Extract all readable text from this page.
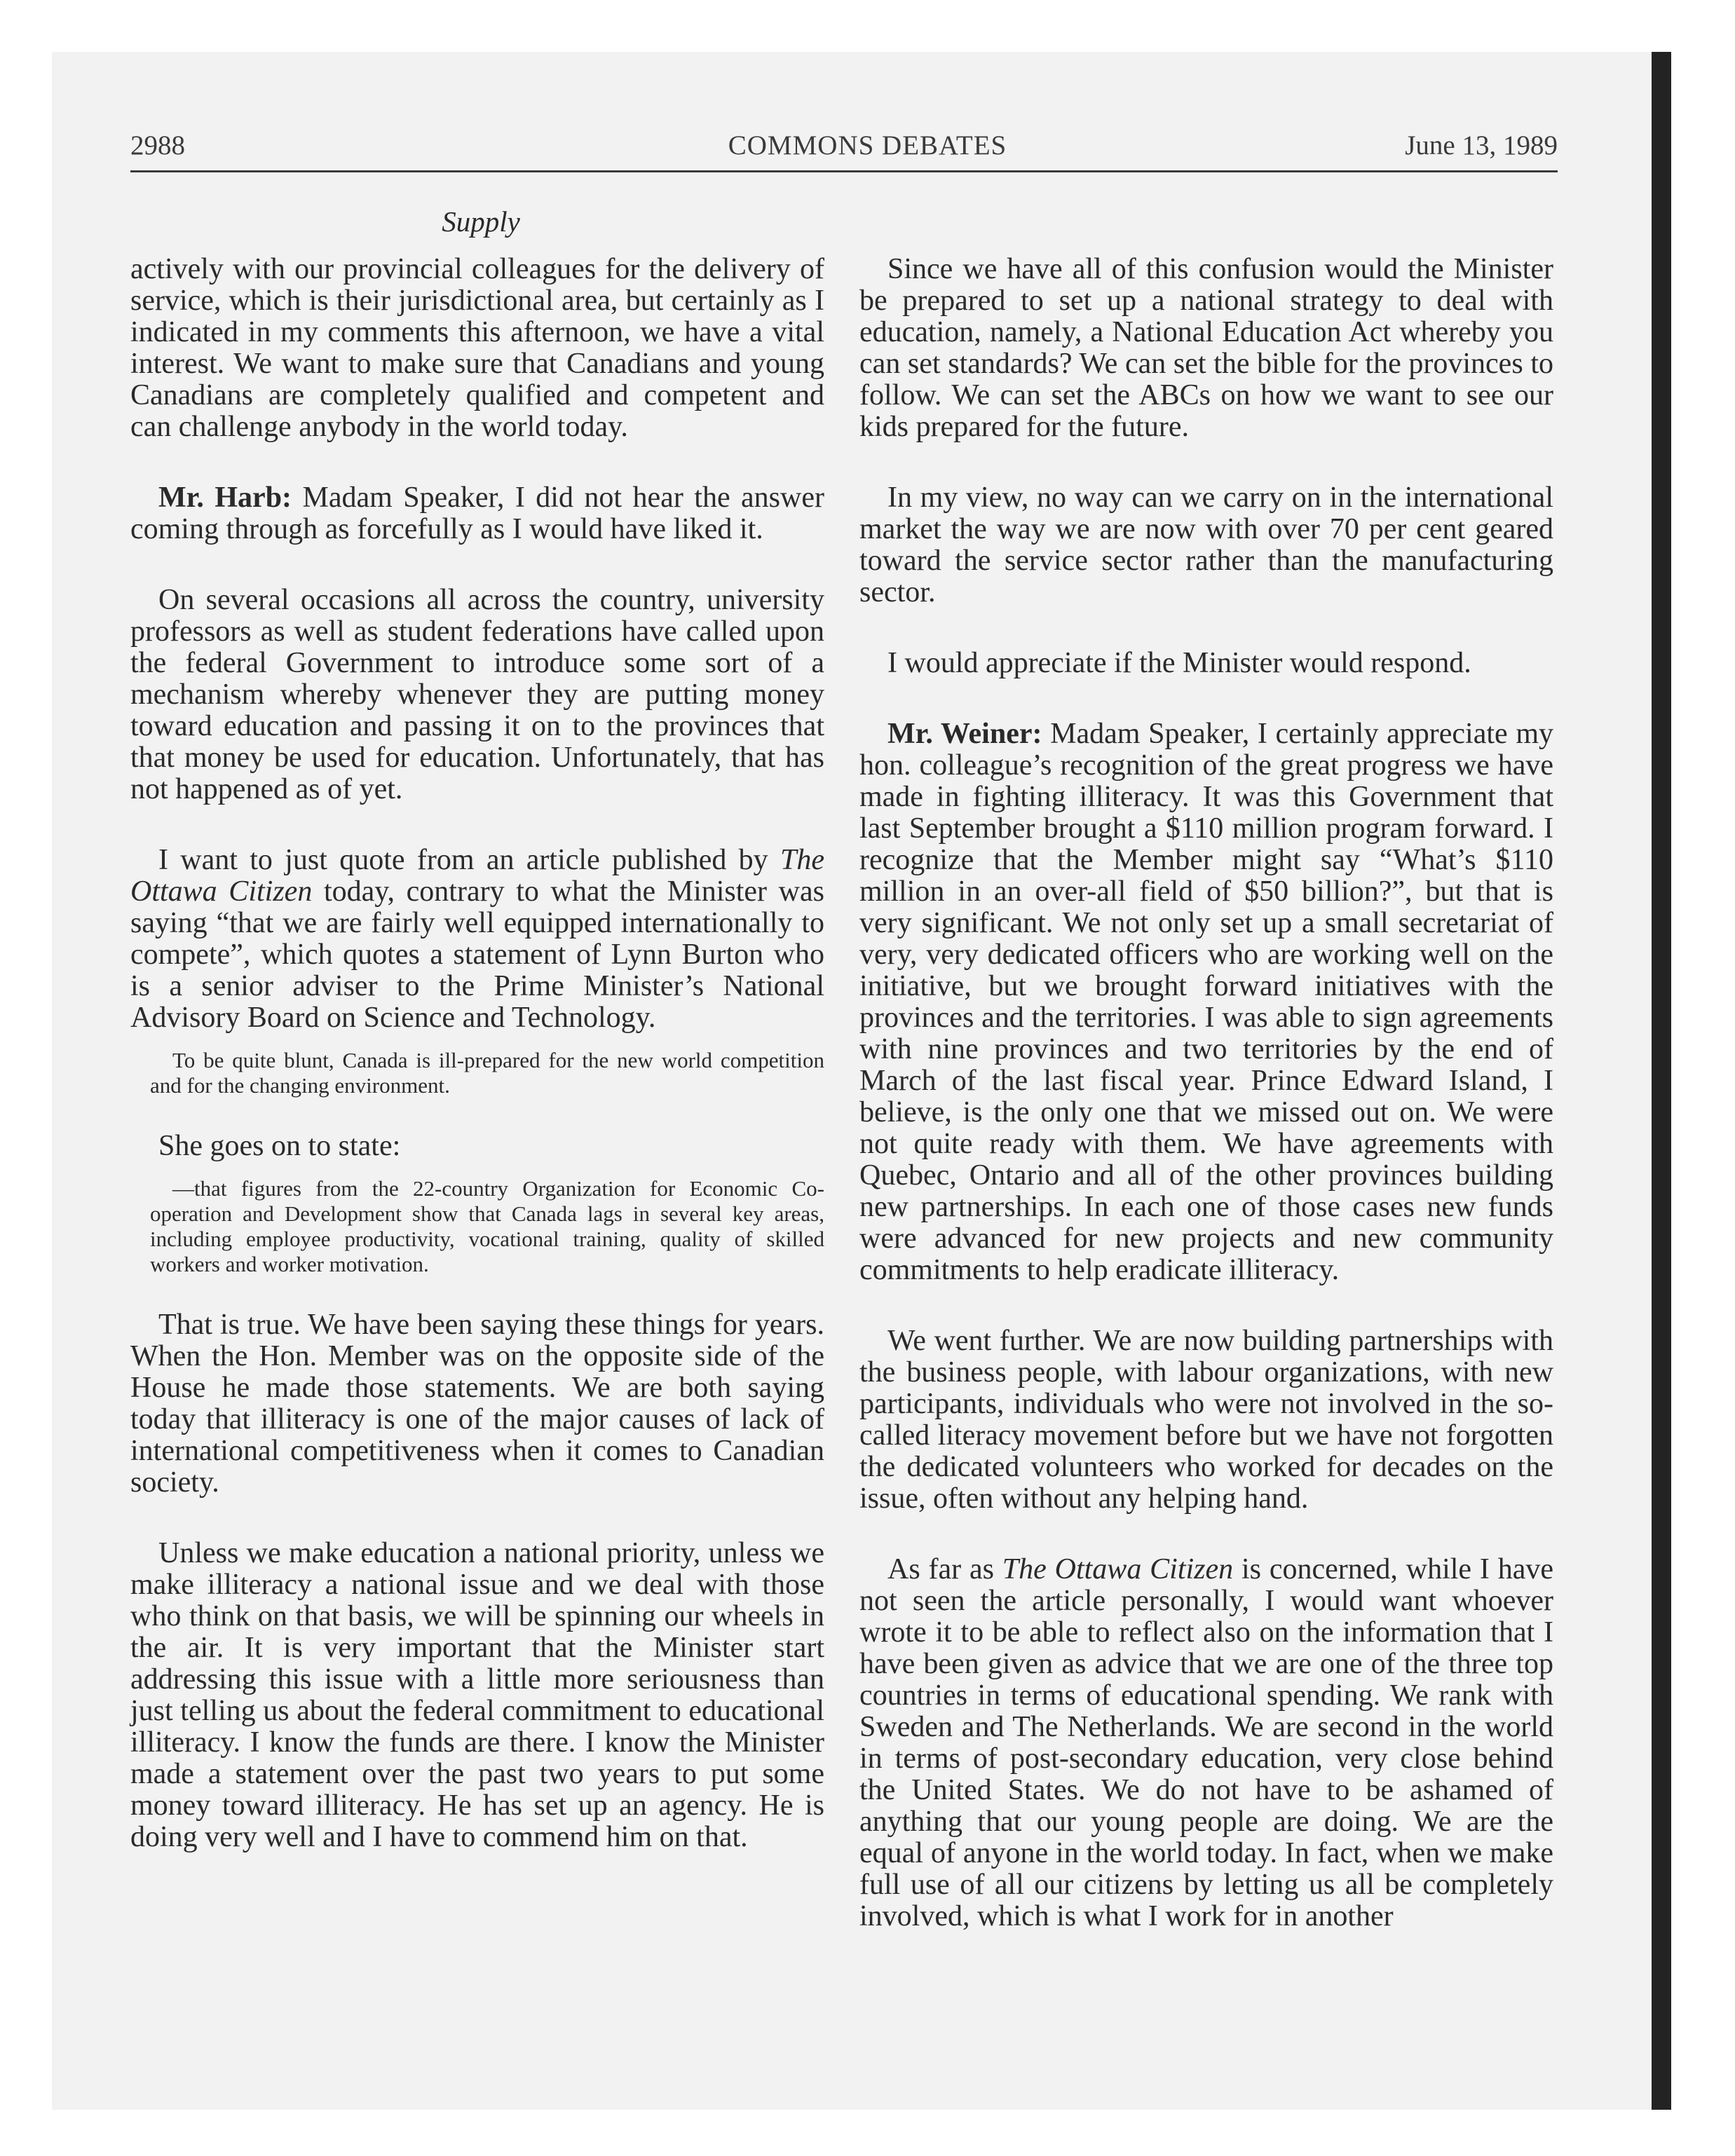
2988	COMMONS DEBATES	June 13, 1989
Supply

actively with our provincial colleagues for the delivery of service, which is their jurisdictional area, but certainly as I indicated in my comments this afternoon, we have a vital interest. We want to make sure that Canadians and young Canadians are completely qualified and competent and can challenge anybody in the world today.

Mr. Harb: Madam Speaker, I did not hear the answer coming through as forcefully as I would have liked it.

On several occasions all across the country, university professors as well as student federations have called upon the federal Government to introduce some sort of a mechanism whereby whenever they are putting money toward education and passing it on to the provinces that that money be used for education. Unfortunately, that has not happened as of yet.

I want to just quote from an article published by The Ottawa Citizen today, contrary to what the Minister was saying “that we are fairly well equipped internationally to compete”, which quotes a statement of Lynn Burton who is a senior adviser to the Prime Minister’s National Advisory Board on Science and Technology.

To be quite blunt, Canada is ill-prepared for the new world competition and for the changing environment.

She goes on to state:

—that figures from the 22-country Organization for Economic Co-operation and Development show that Canada lags in several key areas, including employee productivity, vocational training, quality of skilled workers and worker motivation.

That is true. We have been saying these things for years. When the Hon. Member was on the opposite side of the House he made those statements. We are both saying today that illiteracy is one of the major causes of lack of international competitiveness when it comes to Canadian society.

Unless we make education a national priority, unless we make illiteracy a national issue and we deal with those who think on that basis, we will be spinning our wheels in the air. It is very important that the Minister start addressing this issue with a little more seriousness than just telling us about the federal commitment to educational illiteracy. I know the funds are there. I know the Minister made a statement over the past two years to put some money toward illiteracy. He has set up an agency. He is doing very well and I have to commend him on that.

Since we have all of this confusion would the Minister be prepared to set up a national strategy to deal with education, namely, a National Education Act whereby you can set standards? We can set the bible for the provinces to follow. We can set the ABCs on how we want to see our kids prepared for the future.

In my view, no way can we carry on in the international market the way we are now with over 70 per cent geared toward the service sector rather than the manufacturing sector.

I would appreciate if the Minister would respond.

Mr. Weiner: Madam Speaker, I certainly appreciate my hon. colleague’s recognition of the great progress we have made in fighting illiteracy. It was this Government that last September brought a $110 million program forward. I recognize that the Member might say “What’s $110 million in an over-all field of $50 billion?”, but that is very significant. We not only set up a small secretariat of very, very dedicated officers who are working well on the initiative, but we brought forward initiatives with the provinces and the territories. I was able to sign agreements with nine provinces and two territories by the end of March of the last fiscal year. Prince Edward Island, I believe, is the only one that we missed out on. We were not quite ready with them. We have agreements with Quebec, Ontario and all of the other provinces building new partnerships. In each one of those cases new funds were advanced for new projects and new community commitments to help eradicate illiteracy.

We went further. We are now building partnerships with the business people, with labour organizations, with new participants, individuals who were not involved in the so-called literacy movement before but we have not forgotten the dedicated volunteers who worked for decades on the issue, often without any helping hand.

As far as The Ottawa Citizen is concerned, while I have not seen the article personally, I would want whoever wrote it to be able to reflect also on the information that I have been given as advice that we are one of the three top countries in terms of educational spending. We rank with Sweden and The Netherlands. We are second in the world in terms of post-secondary education, very close behind the United States. We do not have to be ashamed of anything that our young people are doing. We are the equal of anyone in the world today. In fact, when we make full use of all our citizens by letting us all be completely involved, which is what I work for in another
